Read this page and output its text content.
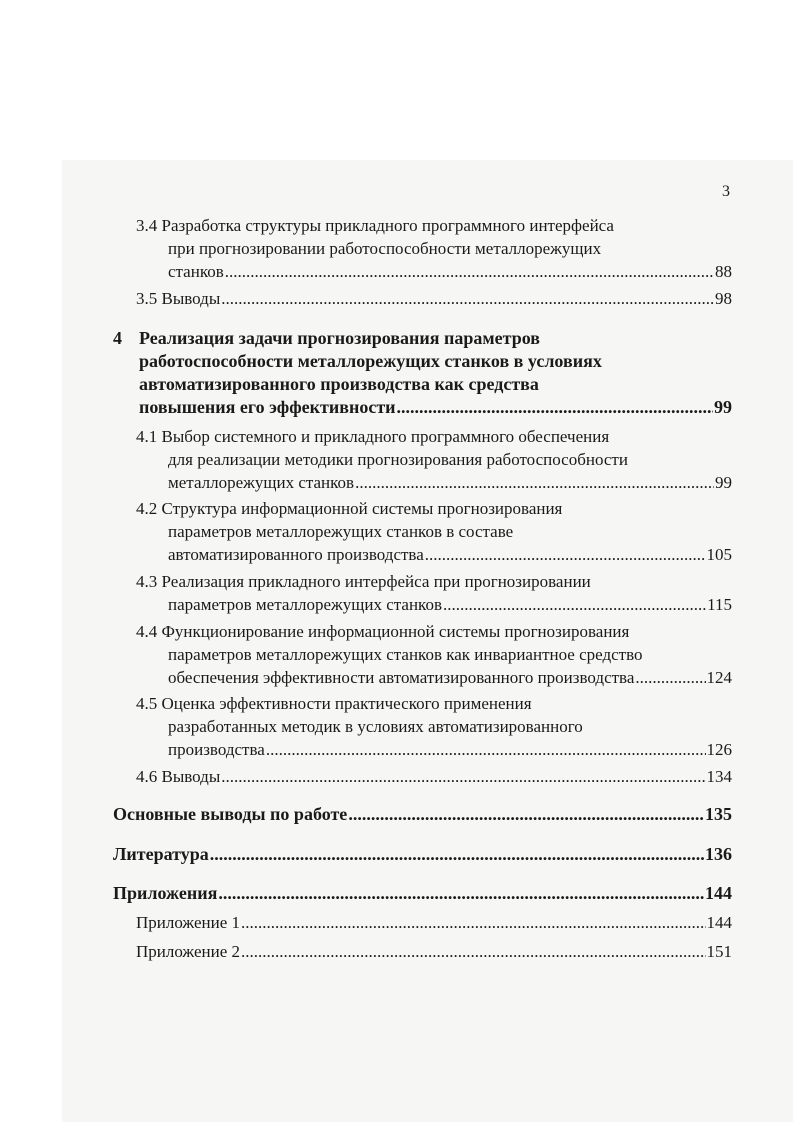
3
3.4 Разработка структуры прикладного программного интерфейса
при прогнозировании работоспособности металлорежущих
станков .....	88
3.5
Выводы .....	98
4 Реализация задачи прогнозирования параметров
работоспособности металлорежущих станков в условиях
автоматизированного производства как средства
повышения его эффективности .....	99
4.1 Выбор системного и прикладного программного обеспечения
для реализации методики прогнозирования работоспособности
металлорежущих станков .....	99
4.2 Структура информационной системы прогнозирования
параметров металлорежущих станков в составе
автоматизированного производства .....	105
4.3 Реализация прикладного интерфейса при прогнозировании
параметров металлорежущих станков .....	115
4.4 Функционирование информационной системы прогнозирования
параметров металлорежущих станков как инвариантное средство
обеспечения эффективности автоматизированного производства .....	124
4.5 Оценка эффективности практического применения
разработанных методик в условиях автоматизированного
производства .....	126
4.6
Выводы .....	134
Основные выводы по работе .....	135
Литература .....	136
Приложения .....	144
Приложение 1 .....	144
Приложение 2 .....	151
